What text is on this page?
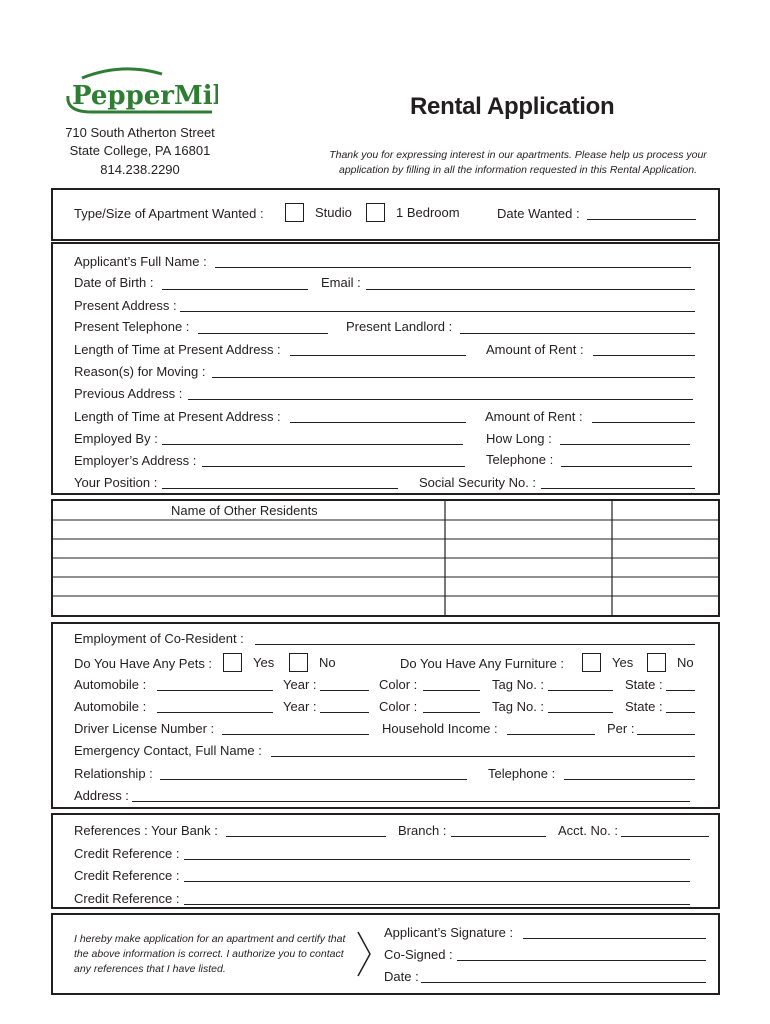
PepperMill
710 South Atherton Street
State College, PA 16801
814.238.2290
Rental Application
Thank you for expressing interest in our apartments. Please help us process your application by filling in all the information requested in this Rental Application.
Type/Size of Apartment Wanted :	Studio	1 Bedroom	Date Wanted :
Applicant’s Full Name :
Date of Birth :	Email :
Present Address :
Present Telephone :	Present Landlord :
Length of Time at Present Address :	Amount of Rent :
Reason(s) for Moving :
Previous Address :
Length of Time at Present Address :	Amount of Rent :
Employed By :	How Long :
Employer’s Address :	Telephone :
Your Position :	Social Security No. :
Name of Other Residents
Employment of Co-Resident :
Do You Have Any Pets :	Yes	No	Do You Have Any Furniture :	Yes	No
Automobile :	Year :	Color :	Tag No. :	State :
Automobile :	Year :	Color :	Tag No. :	State :
Driver License Number :	Household Income :	Per :
Emergency Contact, Full Name :
Relationship :	Telephone :
Address :
References : Your Bank :	Branch :	Acct. No. :
Credit Reference :
Credit Reference :
Credit Reference :
I hereby make application for an apartment and certify that the above information is correct. I authorize you to contact any references that I have listed.
Applicant’s Signature :
Co-Signed :
Date :
